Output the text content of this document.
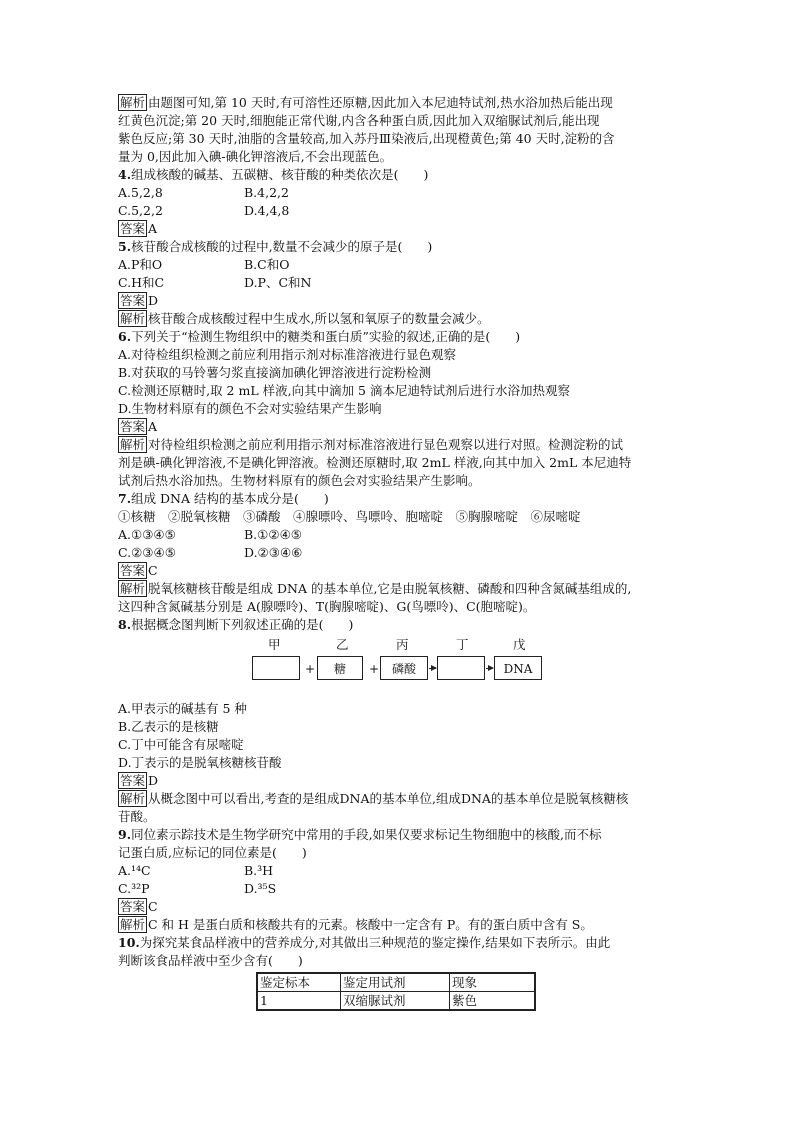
解析 由题图可知,第 10 天时,有可溶性还原糖,因此加入本尼迪特试剂,热水浴加热后能出现
红黄色沉淀;第 20 天时,细胞能正常代谢,内含各种蛋白质,因此加入双缩脲试剂后,能出现
紫色反应;第 30 天时,油脂的含量较高,加入苏丹Ⅲ染液后,出现橙黄色;第 40 天时,淀粉的含
量为 0,因此加入碘-碘化钾溶液后,不会出现蓝色。
4.组成核酸的碱基、五碳糖、核苷酸的种类依次是(　　)
A.5,2,8	B.4,2,2
C.5,2,2	D.4,4,8
答案 A
5.核苷酸合成核酸的过程中,数量不会减少的原子是(　　)
A.P和O	B.C和O
C.H和C	D.P、C和N
答案 D
解析 核苷酸合成核酸过程中生成水,所以氢和氧原子的数量会减少。
6.下列关于“检测生物组织中的糖类和蛋白质”实验的叙述,正确的是(　　)
A.对待检组织检测之前应利用指示剂对标准溶液进行显色观察
B.对获取的马铃薯匀浆直接滴加碘化钾溶液进行淀粉检测
C.检测还原糖时,取 2 mL 样液,向其中滴加 5 滴本尼迪特试剂后进行水浴加热观察
D.生物材料原有的颜色不会对实验结果产生影响
答案 A
解析 对待检组织检测之前应利用指示剂对标准溶液进行显色观察以进行对照。检测淀粉的试
剂是碘-碘化钾溶液,不是碘化钾溶液。检测还原糖时,取 2mL 样液,向其中加入 2mL 本尼迪特
试剂后热水浴加热。生物材料原有的颜色会对实验结果产生影响。
7.组成 DNA 结构的基本成分是(　　)
①核糖　②脱氧核糖　③磷酸　④腺嘌呤、鸟嘌呤、胞嘧啶　⑤胸腺嘧啶　⑥尿嘧啶
A.①③④⑤	B.①②④⑤
C.②③④⑤	D.②③④⑥
答案 C
解析 脱氧核糖核苷酸是组成 DNA 的基本单位,它是由脱氧核糖、磷酸和四种含氮碱基组成的,
这四种含氮碱基分别是 A(腺嘌呤)、T(胸腺嘧啶)、G(鸟嘌呤)、C(胞嘧啶)。
8.根据概念图判断下列叙述正确的是(　　)
甲	乙	丙	丁	戊
+	糖	+	磷酸	DNA
A.甲表示的碱基有 5 种
B.乙表示的是核糖
C.丁中可能含有尿嘧啶
D.丁表示的是脱氧核糖核苷酸
答案 D
解析 从概念图中可以看出,考查的是组成DNA的基本单位,组成DNA的基本单位是脱氧核糖核
苷酸。
9.同位素示踪技术是生物学研究中常用的手段,如果仅要求标记生物细胞中的核酸,而不标
记蛋白质,应标记的同位素是(　　)
A.¹⁴C	B.³H
C.³²P	D.³⁵S
答案 C
解析 C 和 H 是蛋白质和核酸共有的元素。核酸中一定含有 P。有的蛋白质中含有 S。
10.为探究某食品样液中的营养成分,对其做出三种规范的鉴定操作,结果如下表所示。由此
判断该食品样液中至少含有(　　)
鉴定标本	鉴定用试剂	现象
1	双缩脲试剂	紫色
